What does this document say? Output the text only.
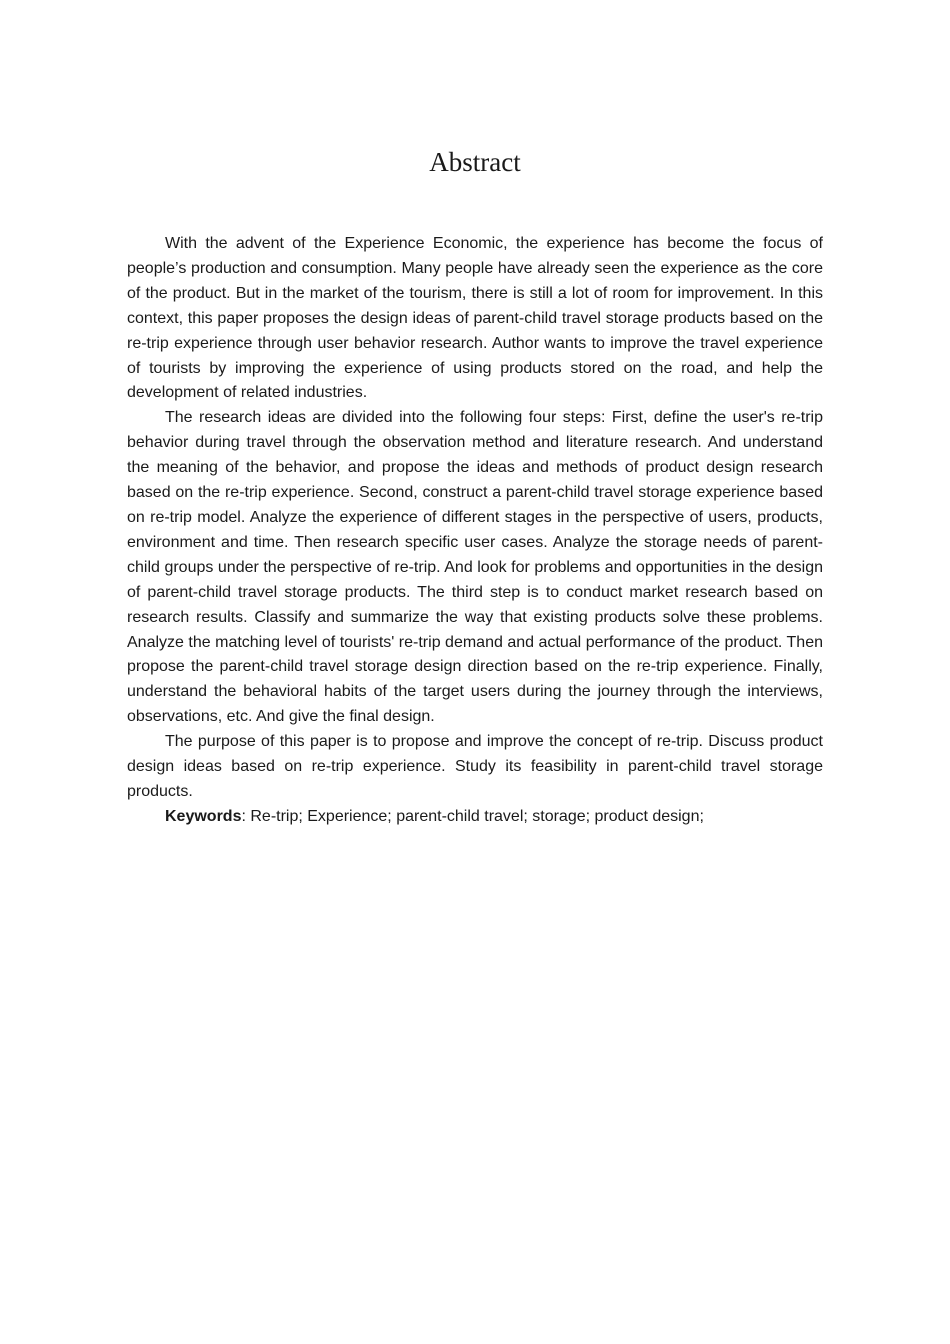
Abstract

With the advent of the Experience Economic, the experience has become the focus of people’s production and consumption. Many people have already seen the experience as the core of the product. But in the market of the tourism, there is still a lot of room for improvement. In this context, this paper proposes the design ideas of parent-child travel storage products based on the re-trip experience through user behavior research. Author wants to improve the travel experience of tourists by improving the experience of using products stored on the road, and help the development of related industries.

The research ideas are divided into the following four steps: First, define the user's re-trip behavior during travel through the observation method and literature research. And understand the meaning of the behavior, and propose the ideas and methods of product design research based on the re-trip experience. Second, construct a parent-child travel storage experience based on re-trip model. Analyze the experience of different stages in the perspective of users, products, environment and time. Then research specific user cases. Analyze the storage needs of parent-child groups under the perspective of re-trip. And look for problems and opportunities in the design of parent-child travel storage products. The third step is to conduct market research based on research results. Classify and summarize the way that existing products solve these problems. Analyze the matching level of tourists' re-trip demand and actual performance of the product. Then propose the parent-child travel storage design direction based on the re-trip experience. Finally, understand the behavioral habits of the target users during the journey through the interviews, observations, etc. And give the final design.

The purpose of this paper is to propose and improve the concept of re-trip. Discuss product design ideas based on re-trip experience. Study its feasibility in parent-child travel storage products.

Keywords: Re-trip; Experience; parent-child travel; storage; product design;
